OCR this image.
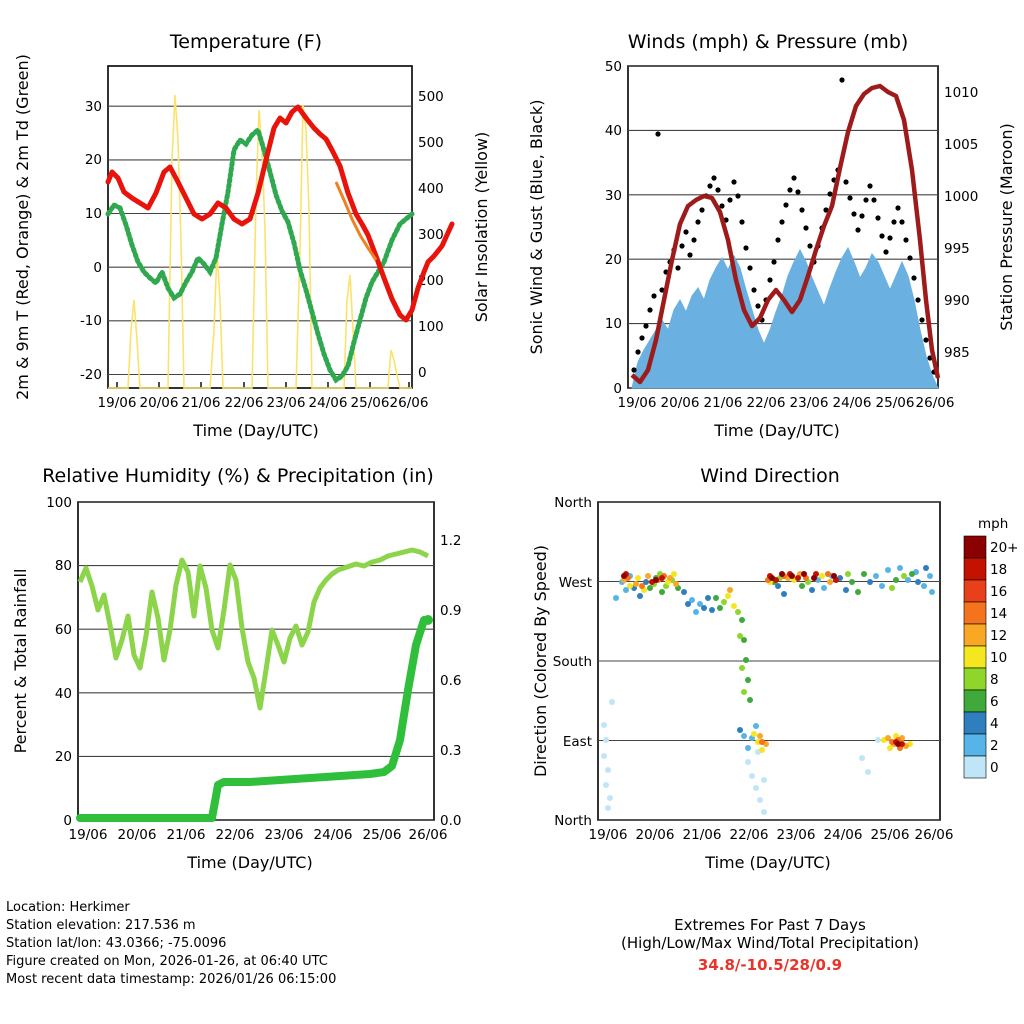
Temperature (F)
-20
-10
0
10
20
30
0
100
200
300
400
500
500
19/06 20/06 21/06 22/06 23/06 24/06 25/06 26/06
2m & 9m T (Red, Orange) & 2m Td (Green)	Solar Insolation (Yellow)
Time (Day/UTC)
Winds (mph) & Pressure (mb)
0
10
20
30
40
50
985
990
995
1000
1005
1010
19/06 20/06 21/06 22/06 23/06 24/06 25/06 26/06
Sonic Wind & Gust (Blue, Black)	Station Pressure (Maroon)
Time (Day/UTC)
Relative Humidity (%) & Precipitation (in)
0
20
40
60
80
100
0.0
0.3
0.6
0.9
1.2
19/06 20/06 21/06 22/06 23/06 24/06 25/06 26/06
Percent & Total Rainfall
Time (Day/UTC)
Wind Direction
North
West
South
East
North
19/06 20/06 21/06 22/06 23/06 24/06 25/06 26/06
Direction (Colored By Speed)
Time (Day/UTC)
mph
20+
18
16
14
12
10
8
6
4
2
0
Location: Herkimer
Station elevation: 217.536 m
Station lat/lon: 43.0366; -75.0096
Figure created on Mon, 2026-01-26, at 06:40 UTC
Most recent data timestamp: 2026/01/26 06:15:00
Extremes For Past 7 Days
(High/Low/Max Wind/Total Precipitation)
34.8/-10.5/28/0.9
